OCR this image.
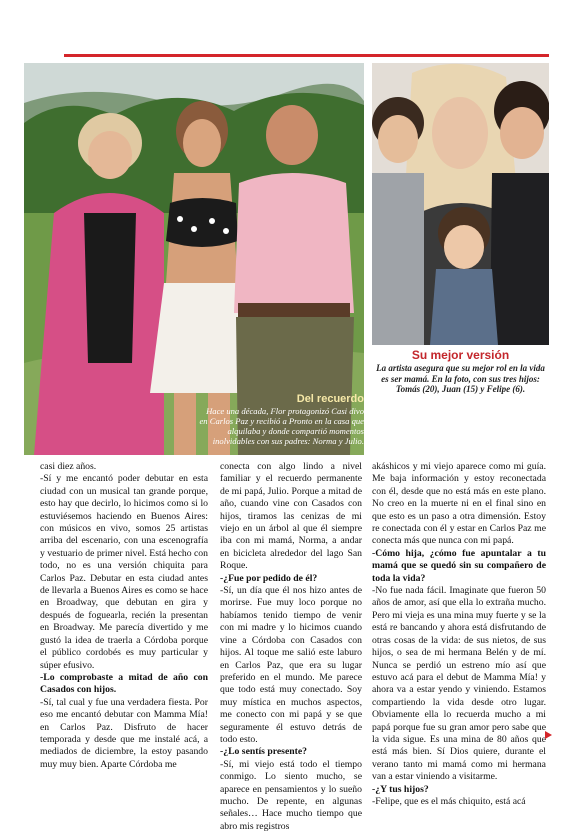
Del recuerdo
Hace una década, Flor protagonizó Casi divo en Carlos Paz y recibió a Pronto en la casa que alquilaba y donde compartió momentos inolvidables con sus padres: Norma y Julio.
Su mejor versión
La artista asegura que su mejor rol en la vida es ser mamá. En la foto, con sus tres hijos: Tomás (20), Juan (15) y Felipe (6).

casi diez años.

-Sí y me encantó poder debutar en esta ciudad con un musical tan grande porque, esto hay que decirlo, lo hicimos como si lo estuviésemos haciendo en Buenos Aires: con músicos en vivo, somos 25 artistas arriba del escenario, con una escenografía y vestuario de primer nivel. Está hecho con todo, no es una versión chiquita para Carlos Paz. Debutar en esta ciudad antes de llevarla a Buenos Aires es como se hace en Broadway, que debutan en gira y después de foguearla, recién la presentan en Broadway. Me parecía divertido y me gustó la idea de traerla a Córdoba porque el público cordobés es muy particular y súper efusivo.

-Lo comprobaste a mitad de año con Casados con hijos.

-Sí, tal cual y fue una verdadera fiesta. Por eso me encantó debutar con Mamma Mía! en Carlos Paz. Disfruto de hacer temporada y desde que me instalé acá, a mediados de diciembre, la estoy pasando muy muy bien. Aparte Córdoba me

conecta con algo lindo a nivel familiar y el recuerdo permanente de mi papá, Julio. Porque a mitad de año, cuando vine con Casados con hijos, tiramos las cenizas de mi viejo en un árbol al que él siempre iba con mi mamá, Norma, a andar en bicicleta alrededor del lago San Roque.

-¿Fue por pedido de él?

-Sí, un día que él nos hizo antes de morirse. Fue muy loco porque no habíamos tenido tiempo de venir con mi madre y lo hicimos cuando vine a Córdoba con Casados con hijos. Al toque me salió este laburo en Carlos Paz, que era su lugar preferido en el mundo. Me parece que todo está muy conectado. Soy muy mística en muchos aspectos, me conecto con mi papá y se que seguramente él estuvo detrás de todo esto.

-¿Lo sentís presente?

-Sí, mi viejo está todo el tiempo conmigo. Lo siento mucho, se aparece en pensamientos y lo sueño mucho. De repente, en algunas señales… Hace mucho tiempo que abro mis registros

akáshicos y mi viejo aparece como mi guía. Me baja información y estoy reconectada con él, desde que no está más en este plano. No creo en la muerte ni en el final sino en que esto es un paso a otra dimensión. Estoy re conectada con él y estar en Carlos Paz me conecta más que nunca con mi papá.

-Cómo hija, ¿cómo fue apuntalar a tu mamá que se quedó sin su compañero de toda la vida?

-No fue nada fácil. Imaginate que fueron 50 años de amor, así que ella lo extraña mucho. Pero mi vieja es una mina muy fuerte y se la está re bancando y ahora está disfrutando de otras cosas de la vida: de sus nietos, de sus hijos, o sea de mi hermana Belén y de mí. Nunca se perdió un estreno mío así que estuvo acá para el debut de Mamma Mía! y ahora va a estar yendo y viniendo. Estamos compartiendo la vida desde otro lugar. Obviamente ella lo recuerda mucho a mi papá porque fue su gran amor pero sabe que la vida sigue. Es una mina de 80 años que está más bien. Sí Dios quiere, durante el verano tanto mi mamá como mi hermana van a estar viniendo a visitarme.

-¿Y tus hijos?

-Felipe, que es el más chiquito, está acá
